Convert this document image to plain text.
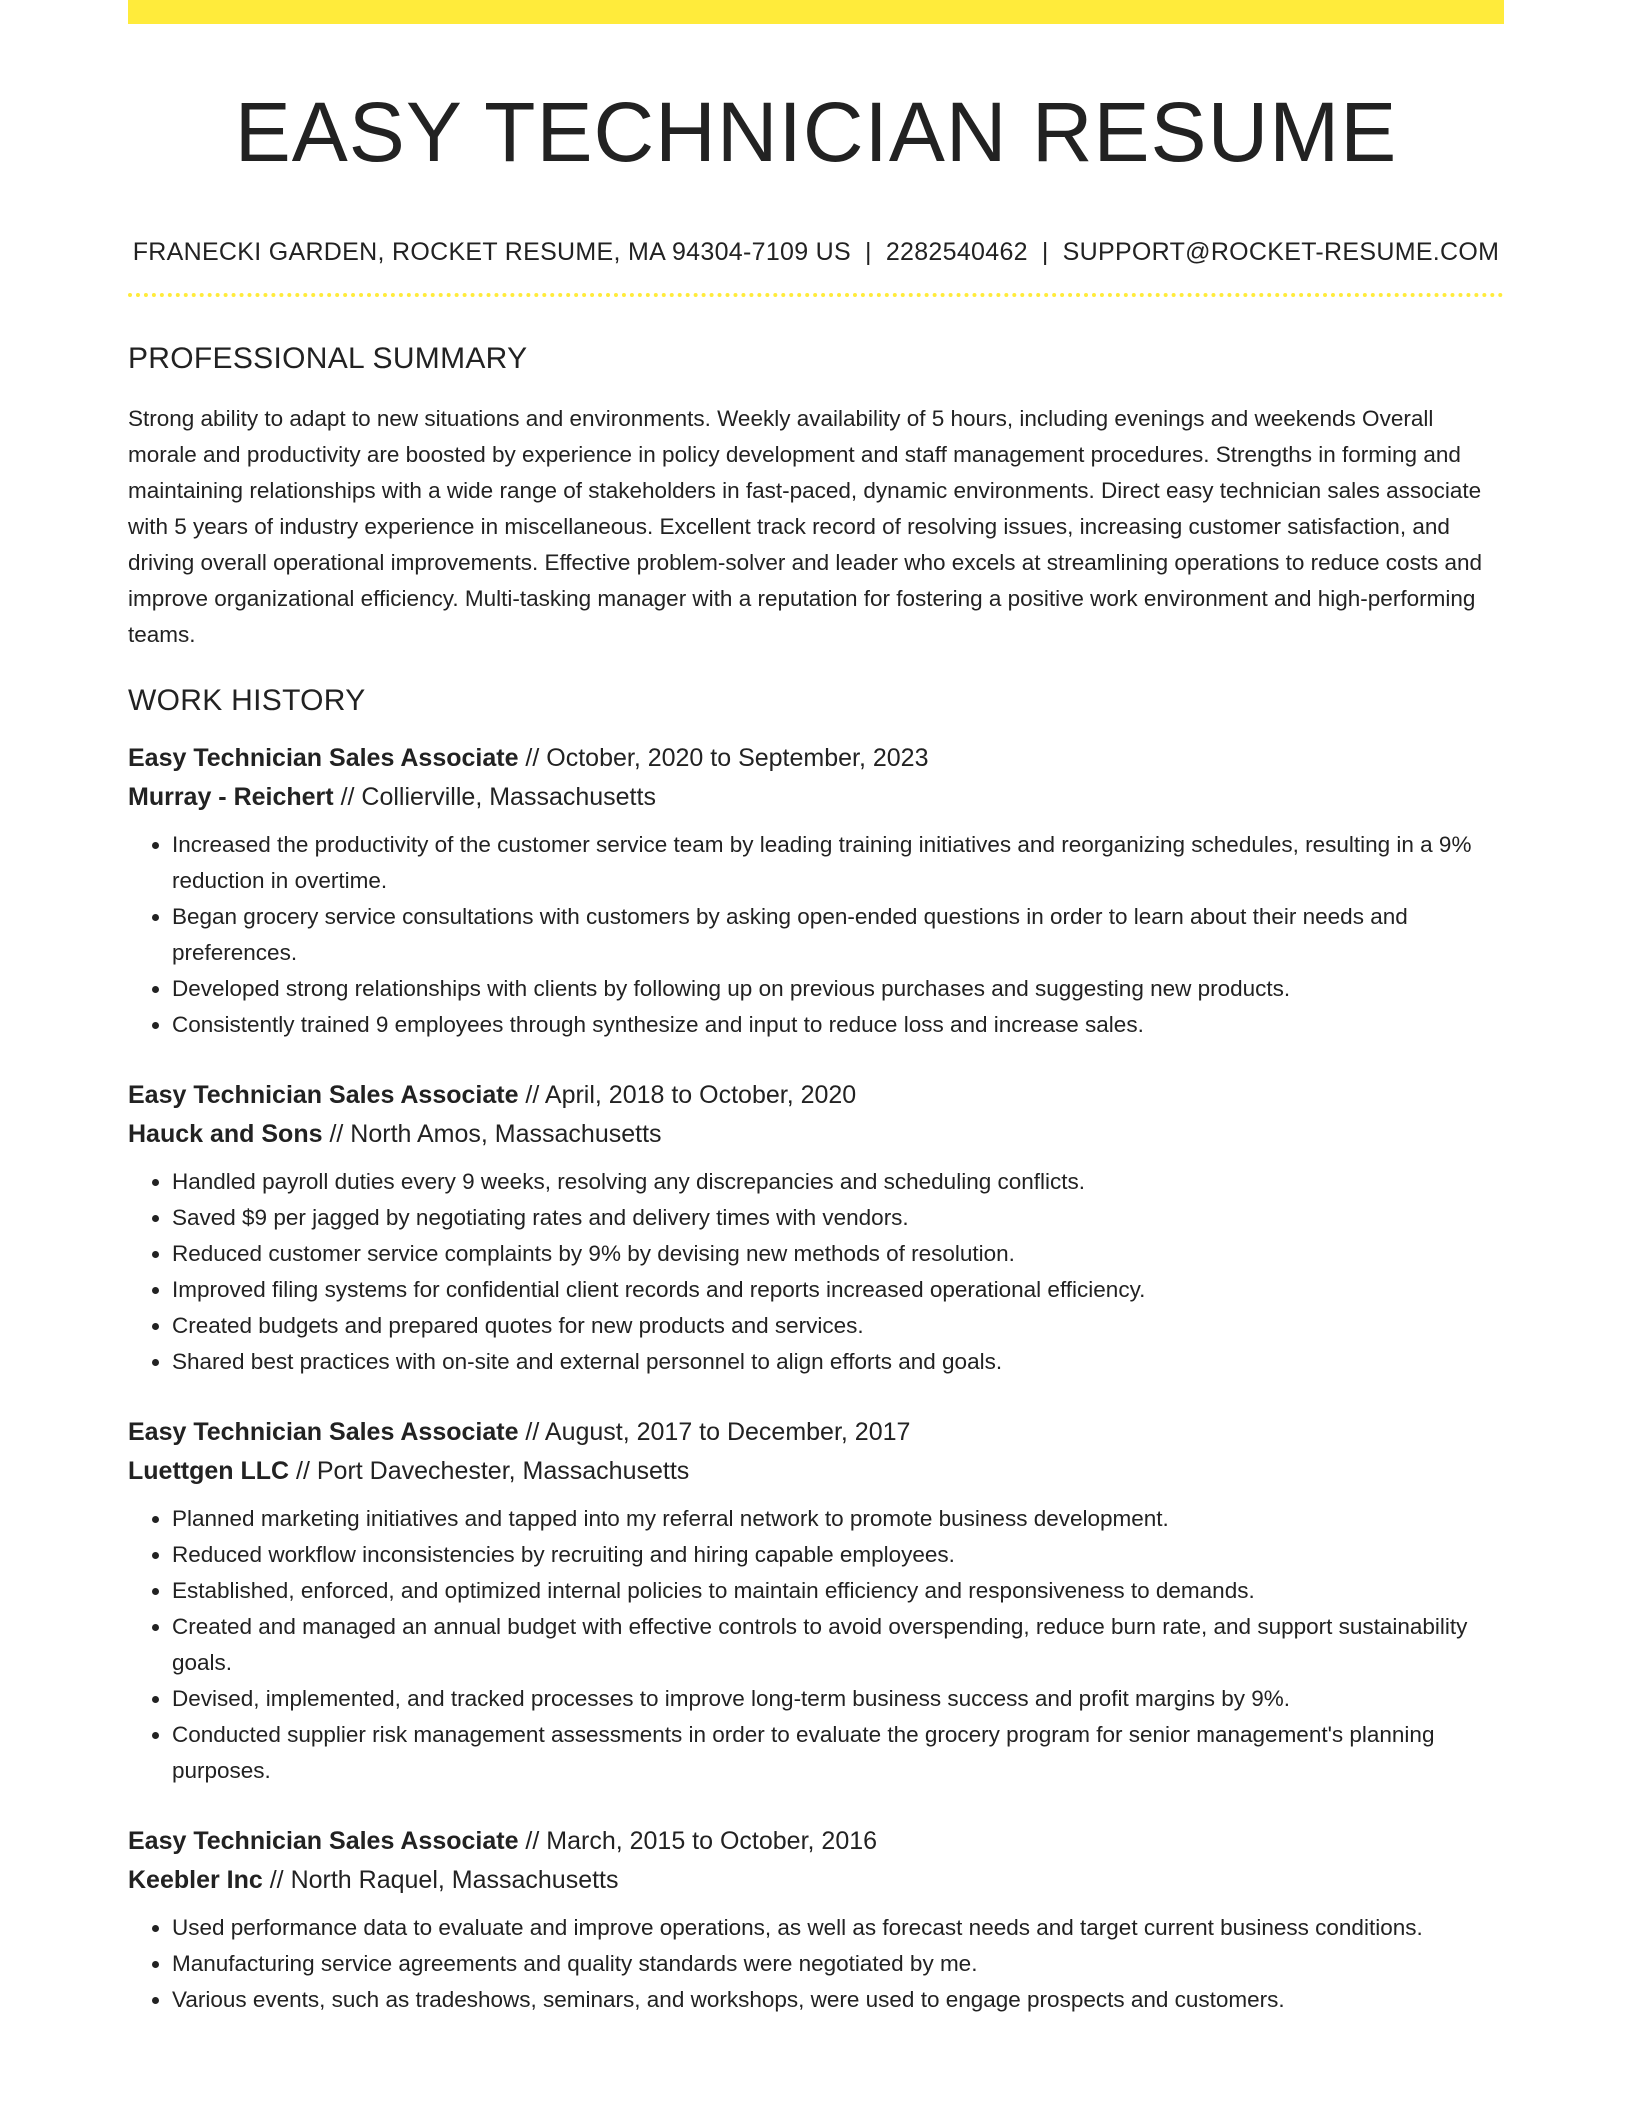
EASY TECHNICIAN RESUME
FRANECKI GARDEN, ROCKET RESUME, MA 94304-7109 US | 2282540462 | SUPPORT@ROCKET-RESUME.COM
PROFESSIONAL SUMMARY
Strong ability to adapt to new situations and environments. Weekly availability of 5 hours, including evenings and weekends Overall morale and productivity are boosted by experience in policy development and staff management procedures. Strengths in forming and maintaining relationships with a wide range of stakeholders in fast-paced, dynamic environments. Direct easy technician sales associate with 5 years of industry experience in miscellaneous. Excellent track record of resolving issues, increasing customer satisfaction, and driving overall operational improvements. Effective problem-solver and leader who excels at streamlining operations to reduce costs and improve organizational efficiency. Multi-tasking manager with a reputation for fostering a positive work environment and high-performing teams.
WORK HISTORY
Easy Technician Sales Associate // October, 2020 to September, 2023
Murray - Reichert // Collierville, Massachusetts
• Increased the productivity of the customer service team by leading training initiatives and reorganizing schedules, resulting in a 9% reduction in overtime.
• Began grocery service consultations with customers by asking open-ended questions in order to learn about their needs and preferences.
• Developed strong relationships with clients by following up on previous purchases and suggesting new products.
• Consistently trained 9 employees through synthesize and input to reduce loss and increase sales.
Easy Technician Sales Associate // April, 2018 to October, 2020
Hauck and Sons // North Amos, Massachusetts
• Handled payroll duties every 9 weeks, resolving any discrepancies and scheduling conflicts.
• Saved $9 per jagged by negotiating rates and delivery times with vendors.
• Reduced customer service complaints by 9% by devising new methods of resolution.
• Improved filing systems for confidential client records and reports increased operational efficiency.
• Created budgets and prepared quotes for new products and services.
• Shared best practices with on-site and external personnel to align efforts and goals.
Easy Technician Sales Associate // August, 2017 to December, 2017
Luettgen LLC // Port Davechester, Massachusetts
• Planned marketing initiatives and tapped into my referral network to promote business development.
• Reduced workflow inconsistencies by recruiting and hiring capable employees.
• Established, enforced, and optimized internal policies to maintain efficiency and responsiveness to demands.
• Created and managed an annual budget with effective controls to avoid overspending, reduce burn rate, and support sustainability goals.
• Devised, implemented, and tracked processes to improve long-term business success and profit margins by 9%.
• Conducted supplier risk management assessments in order to evaluate the grocery program for senior management's planning purposes.
Easy Technician Sales Associate // March, 2015 to October, 2016
Keebler Inc // North Raquel, Massachusetts
• Used performance data to evaluate and improve operations, as well as forecast needs and target current business conditions.
• Manufacturing service agreements and quality standards were negotiated by me.
• Various events, such as tradeshows, seminars, and workshops, were used to engage prospects and customers.
